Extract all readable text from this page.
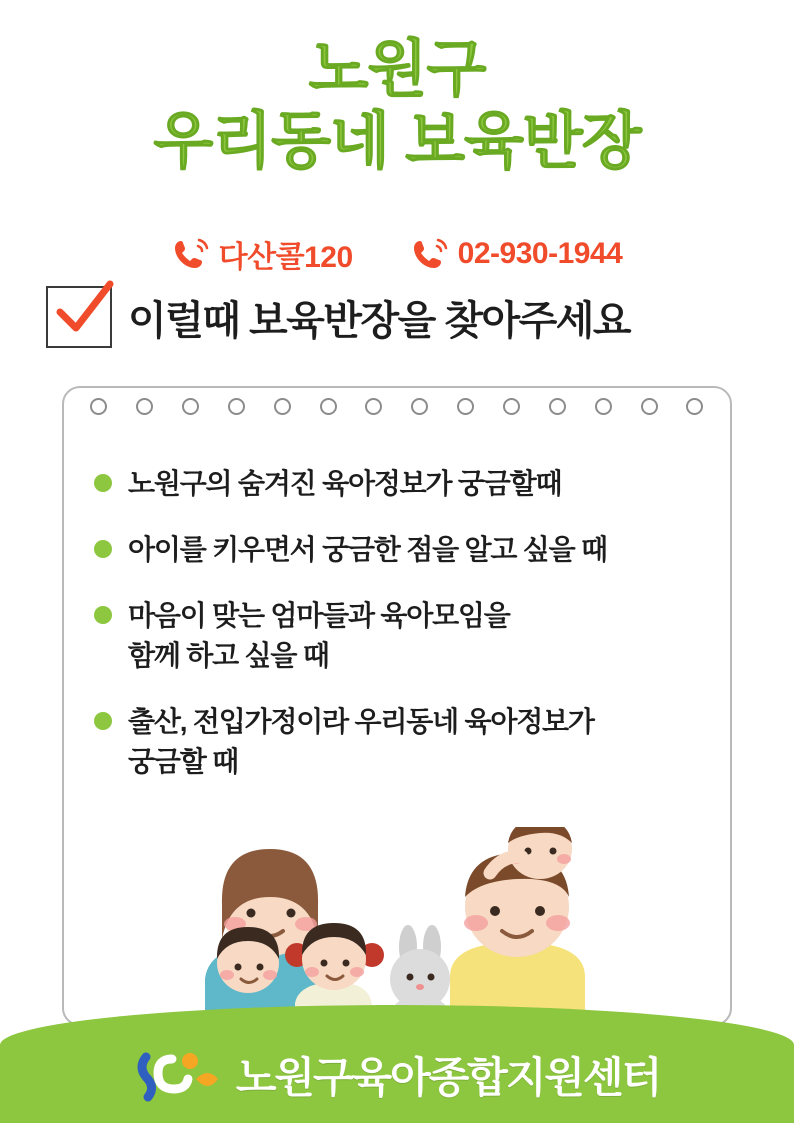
노원구
우리동네 보육반장
다산콜120	02-930-1944
이럴때 보육반장을 찾아주세요
노원구의 숨겨진 육아정보가 궁금할때
아이를 키우면서 궁금한 점을 알고 싶을 때
마음이 맞는 엄마들과 육아모임을
함께 하고 싶을 때
출산, 전입가정이라 우리동네 육아정보가
궁금할 때
노원구육아종합지원센터
